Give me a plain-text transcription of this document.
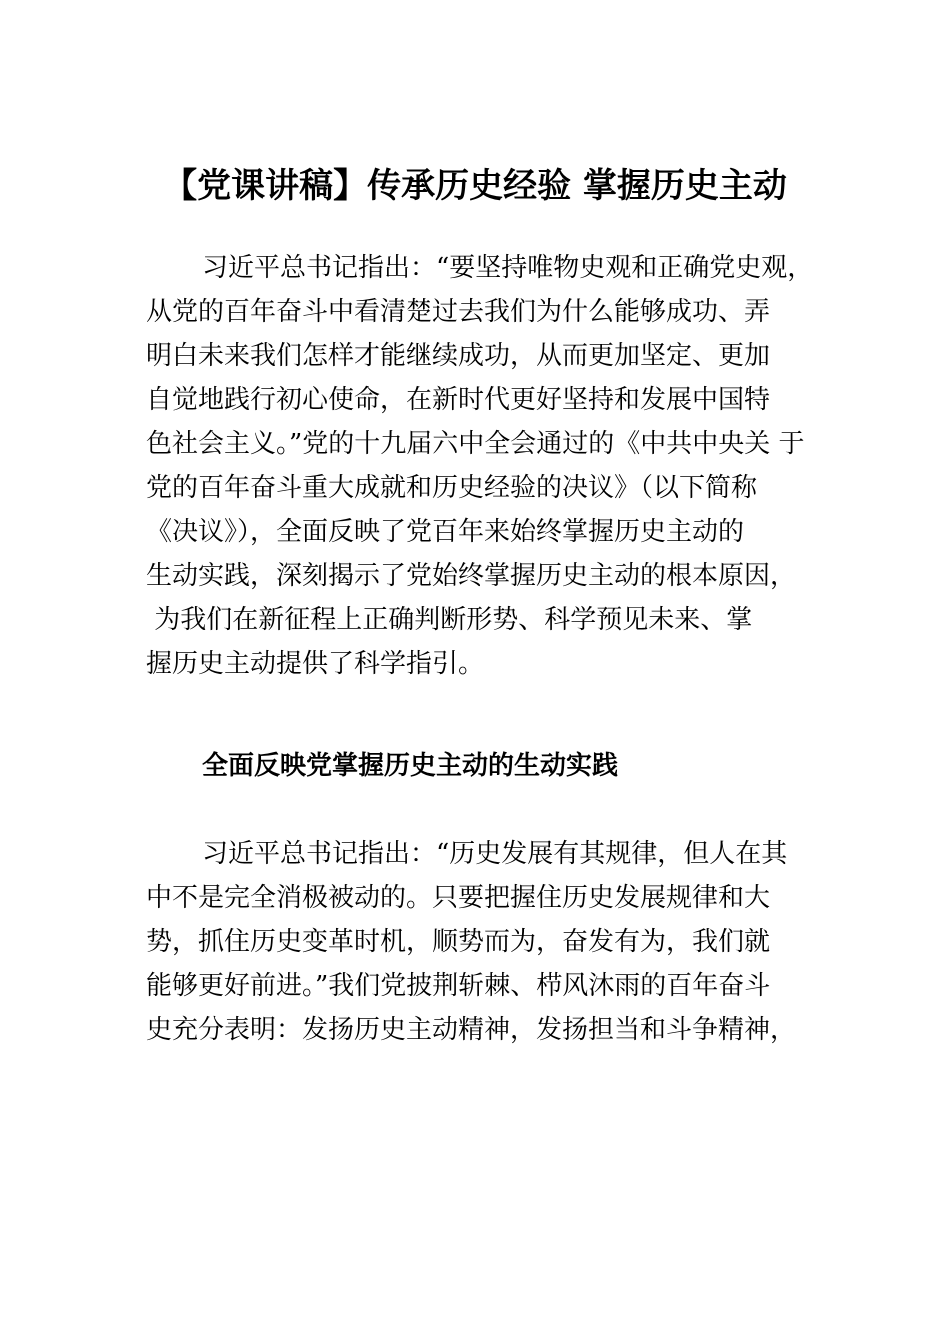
【党课讲稿】传承历史经验 掌握历史主动

习近平总书记指出：“要坚持唯物史观和正确党史观，
从党的百年奋斗中看清楚过去我们为什么能够成功、弄
明白未来我们怎样才能继续成功，从而更加坚定、更加
自觉地践行初心使命，在新时代更好坚持和发展中国特
色社会主义。”党的十九届六中全会通过的《中共中央关 于
党的百年奋斗重大成就和历史经验的决议》（以下简称
《决议》），全面反映了党百年来始终掌握历史主动的
生动实践，深刻揭示了党始终掌握历史主动的根本原因，
为我们在新征程上正确判断形势、科学预见未来、掌
握历史主动提供了科学指引。

全面反映党掌握历史主动的生动实践

习近平总书记指出：“历史发展有其规律，但人在其
中不是完全消极被动的。只要把握住历史发展规律和大
势，抓住历史变革时机，顺势而为，奋发有为，我们就
能够更好前进。”我们党披荆斩棘、栉风沐雨的百年奋斗
史充分表明：发扬历史主动精神，发扬担当和斗争精神，
